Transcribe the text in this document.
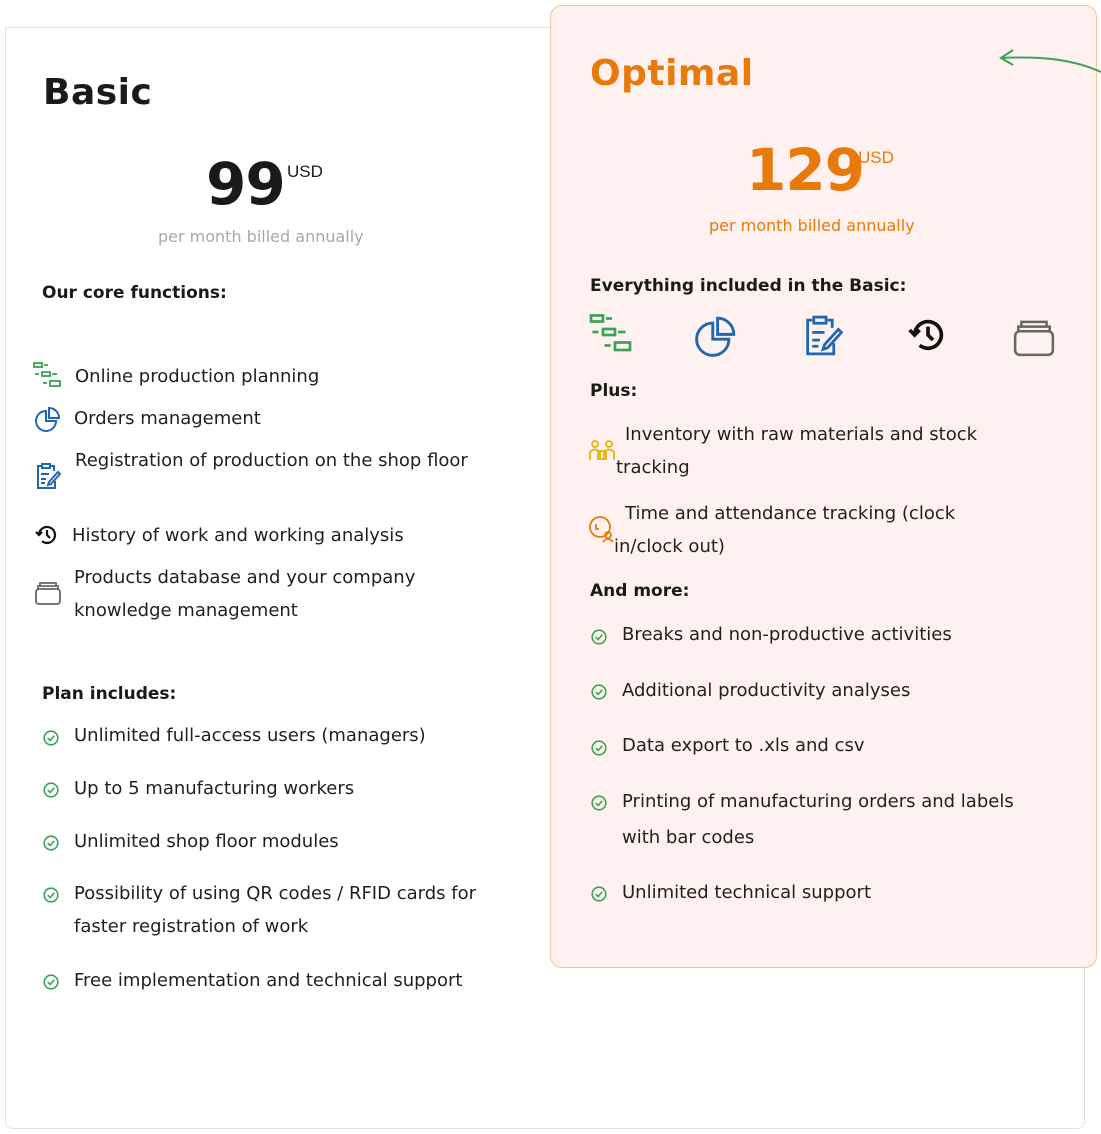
Basic
99 USD
per month billed annually
Our core functions:
Online production planning
Orders management
Registration of production on the shop floor
History of work and working analysis
Products database and your company knowledge management
Plan includes:
Unlimited full-access users (managers)
Up to 5 manufacturing workers
Unlimited shop floor modules
Possibility of using QR codes / RFID cards for faster registration of work
Free implementation and technical support
Optimal
129
USD
per month billed annually
Everything included in the Basic:
Plus:
Inventory with raw materials and stock tracking
Time and attendance tracking (clock in/clock out)
And more:
Breaks and non-productive activities
Additional productivity analyses
Data export to .xls and csv
Printing of manufacturing orders and labels with bar codes
Unlimited technical support
